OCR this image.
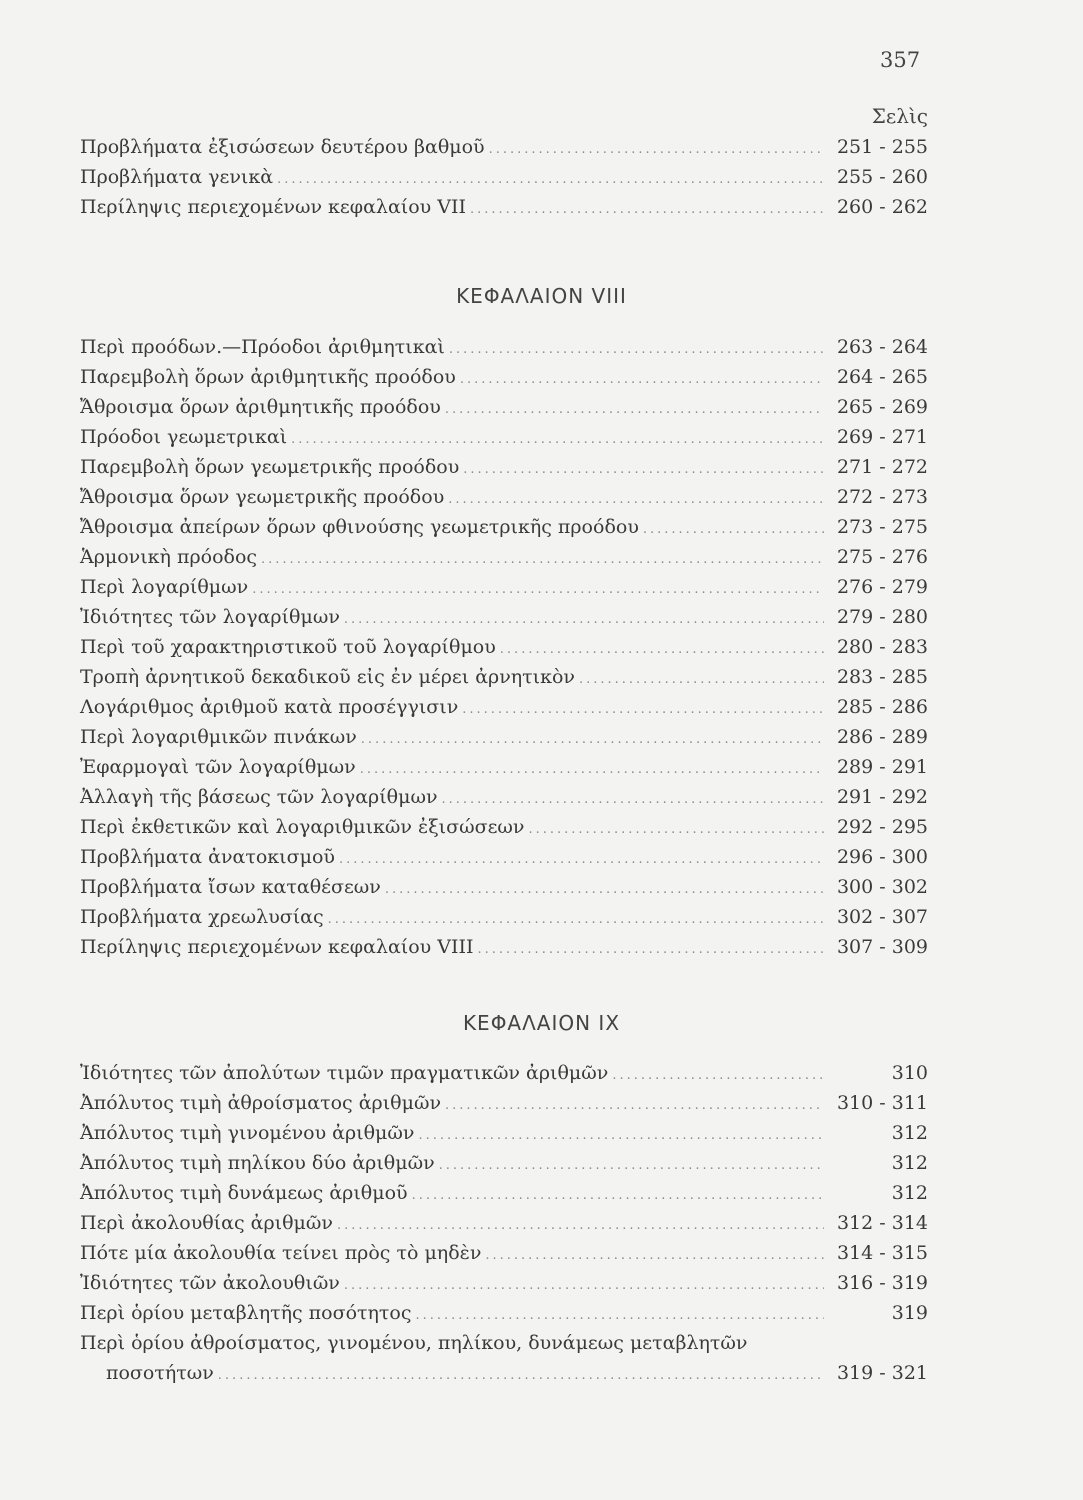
357
Σελὶς
Προβλήματα ἐξισώσεων δευτέρου βαθμοῦ .....	251 - 255
Προβλήματα γενικὰ .....	255 - 260
Περίληψις περιεχομένων κεφαλαίου VII .....	260 - 262
ΚΕΦΑΛΑΙΟΝ VIII
Περὶ προόδων.—Πρόοδοι ἀριθμητικαὶ .....	263 - 264
Παρεμβολὴ ὅρων ἀριθμητικῆς προόδου .....	264 - 265
Ἄθροισμα ὅρων ἀριθμητικῆς προόδου .....	265 - 269
Πρόοδοι γεωμετρικαὶ .....	269 - 271
Παρεμβολὴ ὅρων γεωμετρικῆς προόδου .....	271 - 272
Ἄθροισμα ὅρων γεωμετρικῆς προόδου .....	272 - 273
Ἄθροισμα ἀπείρων ὅρων φθινούσης γεωμετρικῆς προόδου .....	273 - 275
Ἁρμονικὴ πρόοδος .....	275 - 276
Περὶ λογαρίθμων .....	276 - 279
Ἰδιότητες τῶν λογαρίθμων .....	279 - 280
Περὶ τοῦ χαρακτηριστικοῦ τοῦ λογαρίθμου .....	280 - 283
Τροπὴ ἀρνητικοῦ δεκαδικοῦ εἰς ἐν μέρει ἀρνητικὸν .....	283 - 285
Λογάριθμος ἀριθμοῦ κατὰ προσέγγισιν .....	285 - 286
Περὶ λογαριθμικῶν πινάκων .....	286 - 289
Ἐφαρμογαὶ τῶν λογαρίθμων .....	289 - 291
Ἀλλαγὴ τῆς βάσεως τῶν λογαρίθμων .....	291 - 292
Περὶ ἐκθετικῶν καὶ λογαριθμικῶν ἐξισώσεων .....	292 - 295
Προβλήματα ἀνατοκισμοῦ .....	296 - 300
Προβλήματα ἴσων καταθέσεων .....	300 - 302
Προβλήματα χρεωλυσίας .....	302 - 307
Περίληψις περιεχομένων κεφαλαίου VIII .....	307 - 309
ΚΕΦΑΛΑΙΟΝ IX
Ἰδιότητες τῶν ἀπολύτων τιμῶν πραγματικῶν ἀριθμῶν .....	310
Ἀπόλυτος τιμὴ ἀθροίσματος ἀριθμῶν .....	310 - 311
Ἀπόλυτος τιμὴ γινομένου ἀριθμῶν .....	312
Ἀπόλυτος τιμὴ πηλίκου δύο ἀριθμῶν .....	312
Ἀπόλυτος τιμὴ δυνάμεως ἀριθμοῦ .....	312
Περὶ ἀκολουθίας ἀριθμῶν .....	312 - 314
Πότε μία ἀκολουθία τείνει πρὸς τὸ μηδὲν .....	314 - 315
Ἰδιότητες τῶν ἀκολουθιῶν .....	316 - 319
Περὶ ὁρίου μεταβλητῆς ποσότητος .....	319
Περὶ ὁρίου ἀθροίσματος, γινομένου, πηλίκου, δυνάμεως μεταβλητῶν
ποσοτήτων .....	319 - 321
